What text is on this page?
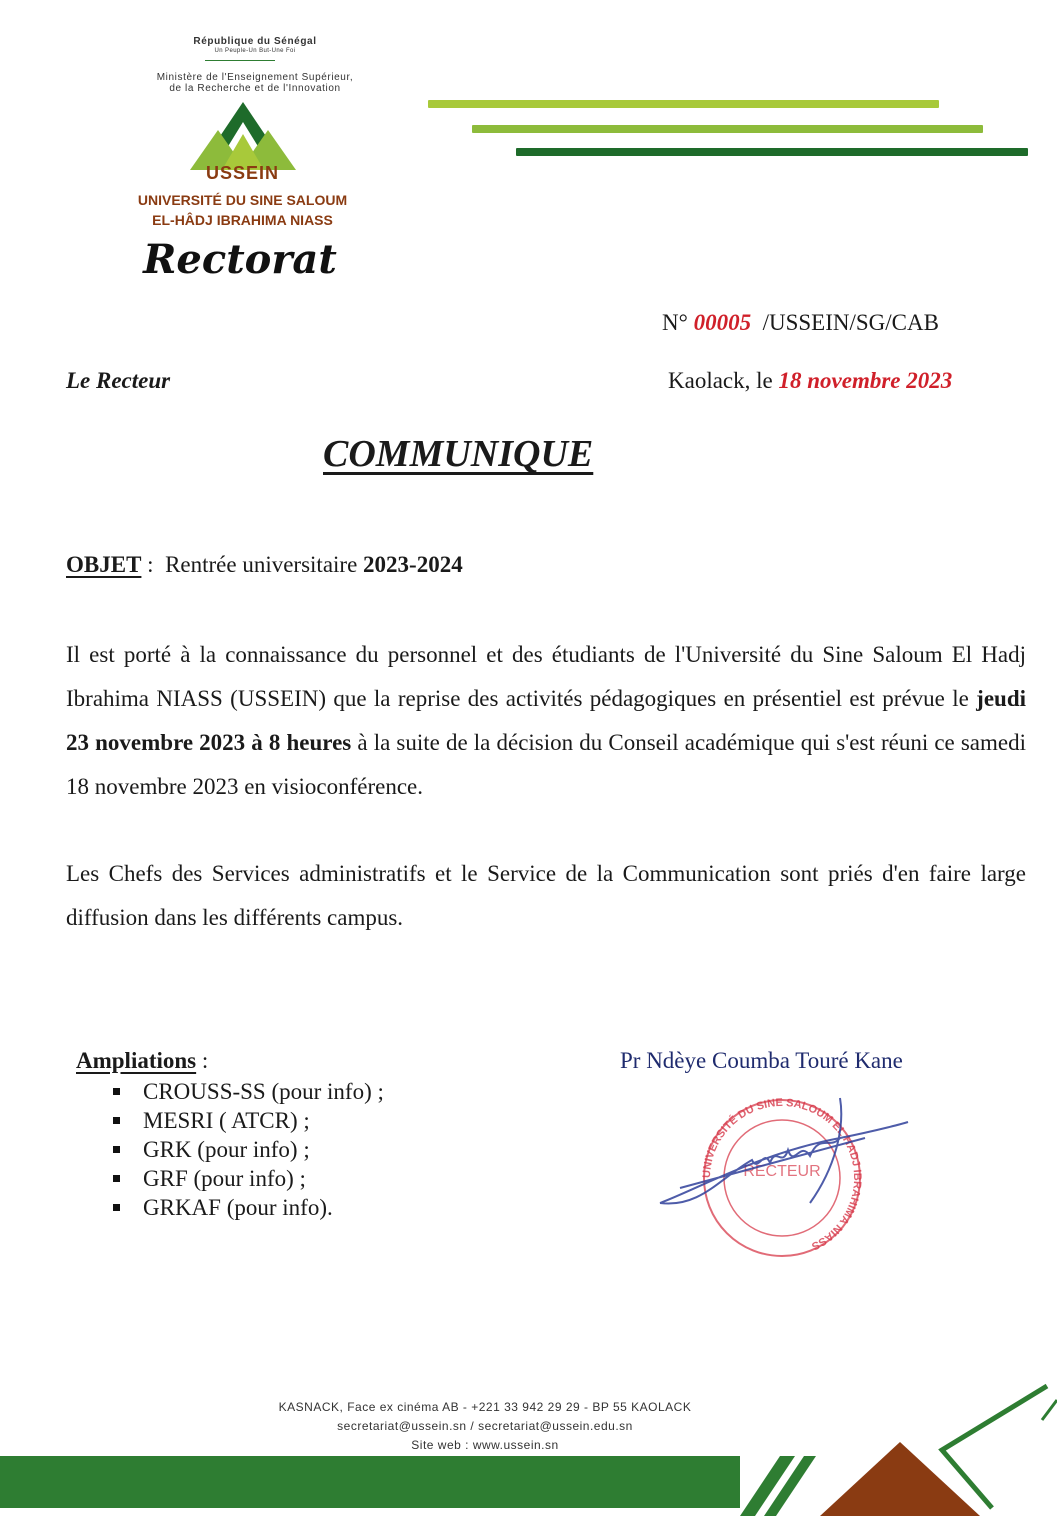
République du Sénégal
Un Peuple-Un But-Une Foi
Ministère de l'Enseignement Supérieur,
de la Recherche et de l'Innovation
USSEIN
UNIVERSITÉ DU SINE SALOUM
EL-HÂDJ IBRAHIMA NIASS
Rectorat
N° 00005 /USSEIN/SG/CAB
Le Recteur	Kaolack, le 18 novembre 2023
COMMUNIQUE
OBJET : Rentrée universitaire 2023-2024
Il est porté à la connaissance du personnel et des étudiants de l'Université du Sine Saloum El Hadj Ibrahima NIASS (USSEIN) que la reprise des activités pédagogiques en présentiel est prévue le jeudi 23 novembre 2023 à 8 heures à la suite de la décision du Conseil académique qui s'est réuni ce samedi 18 novembre 2023 en visioconférence.
Les Chefs des Services administratifs et le Service de la Communication sont priés d'en faire large diffusion dans les différents campus.
Ampliations :
CROUSS-SS (pour info) ;
MESRI ( ATCR) ;
GRK (pour info) ;
GRF (pour info) ;
GRKAF (pour info).
Pr Ndèye Coumba Touré Kane
UNIVERSITÉ DU SINE SALOUM EL HADJ IBRAHIMA NIASS
RECTEUR
KASNACK, Face ex cinéma AB - +221 33 942 29 29 - BP 55 KAOLACK
secretariat@ussein.sn / secretariat@ussein.edu.sn
Site web : www.ussein.sn
